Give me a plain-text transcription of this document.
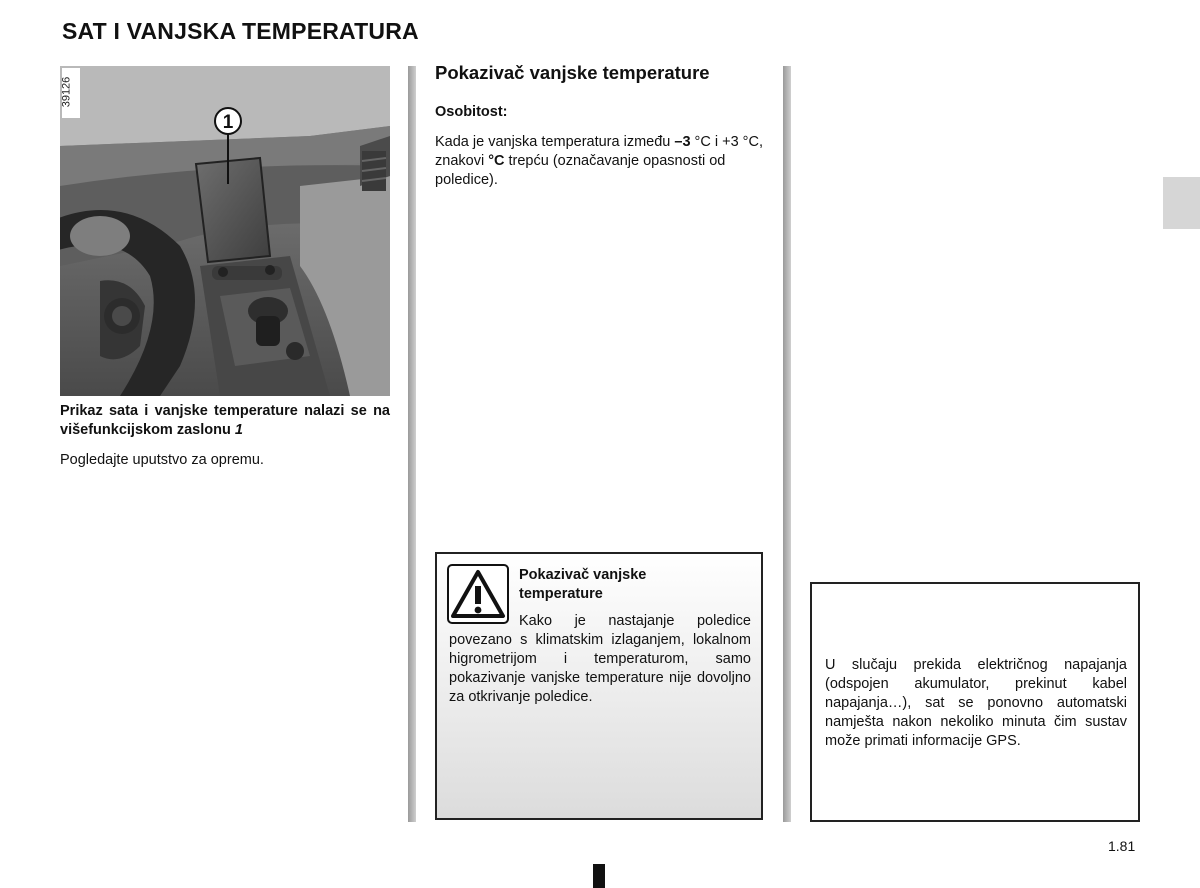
SAT I VANJSKA TEMPERATURA
1
39126
Prikaz sata i vanjske temperature nalazi se na višefunkcijskom zaslonu 1
Pogledajte uputstvo za opremu.
Pokazivač vanjske temperature
Osobitost:
Kada je vanjska temperatura između –3 °C i +3 °C, znakovi °C trepću (označavanje opasnosti od poledice).
Pokazivač vanjske temperature
Kako je nastajanje poledice povezano s klimatskim izlaganjem, lokalnom higrometrijom i temperaturom, samo pokazivanje vanjske temperature nije dovoljno za otkrivanje poledice.
U slučaju prekida električnog napajanja (odspojen akumulator, prekinut kabel napajanja…), sat se ponovno automatski namješta nakon nekoliko minuta čim sustav može primati informacije GPS.
1.81
